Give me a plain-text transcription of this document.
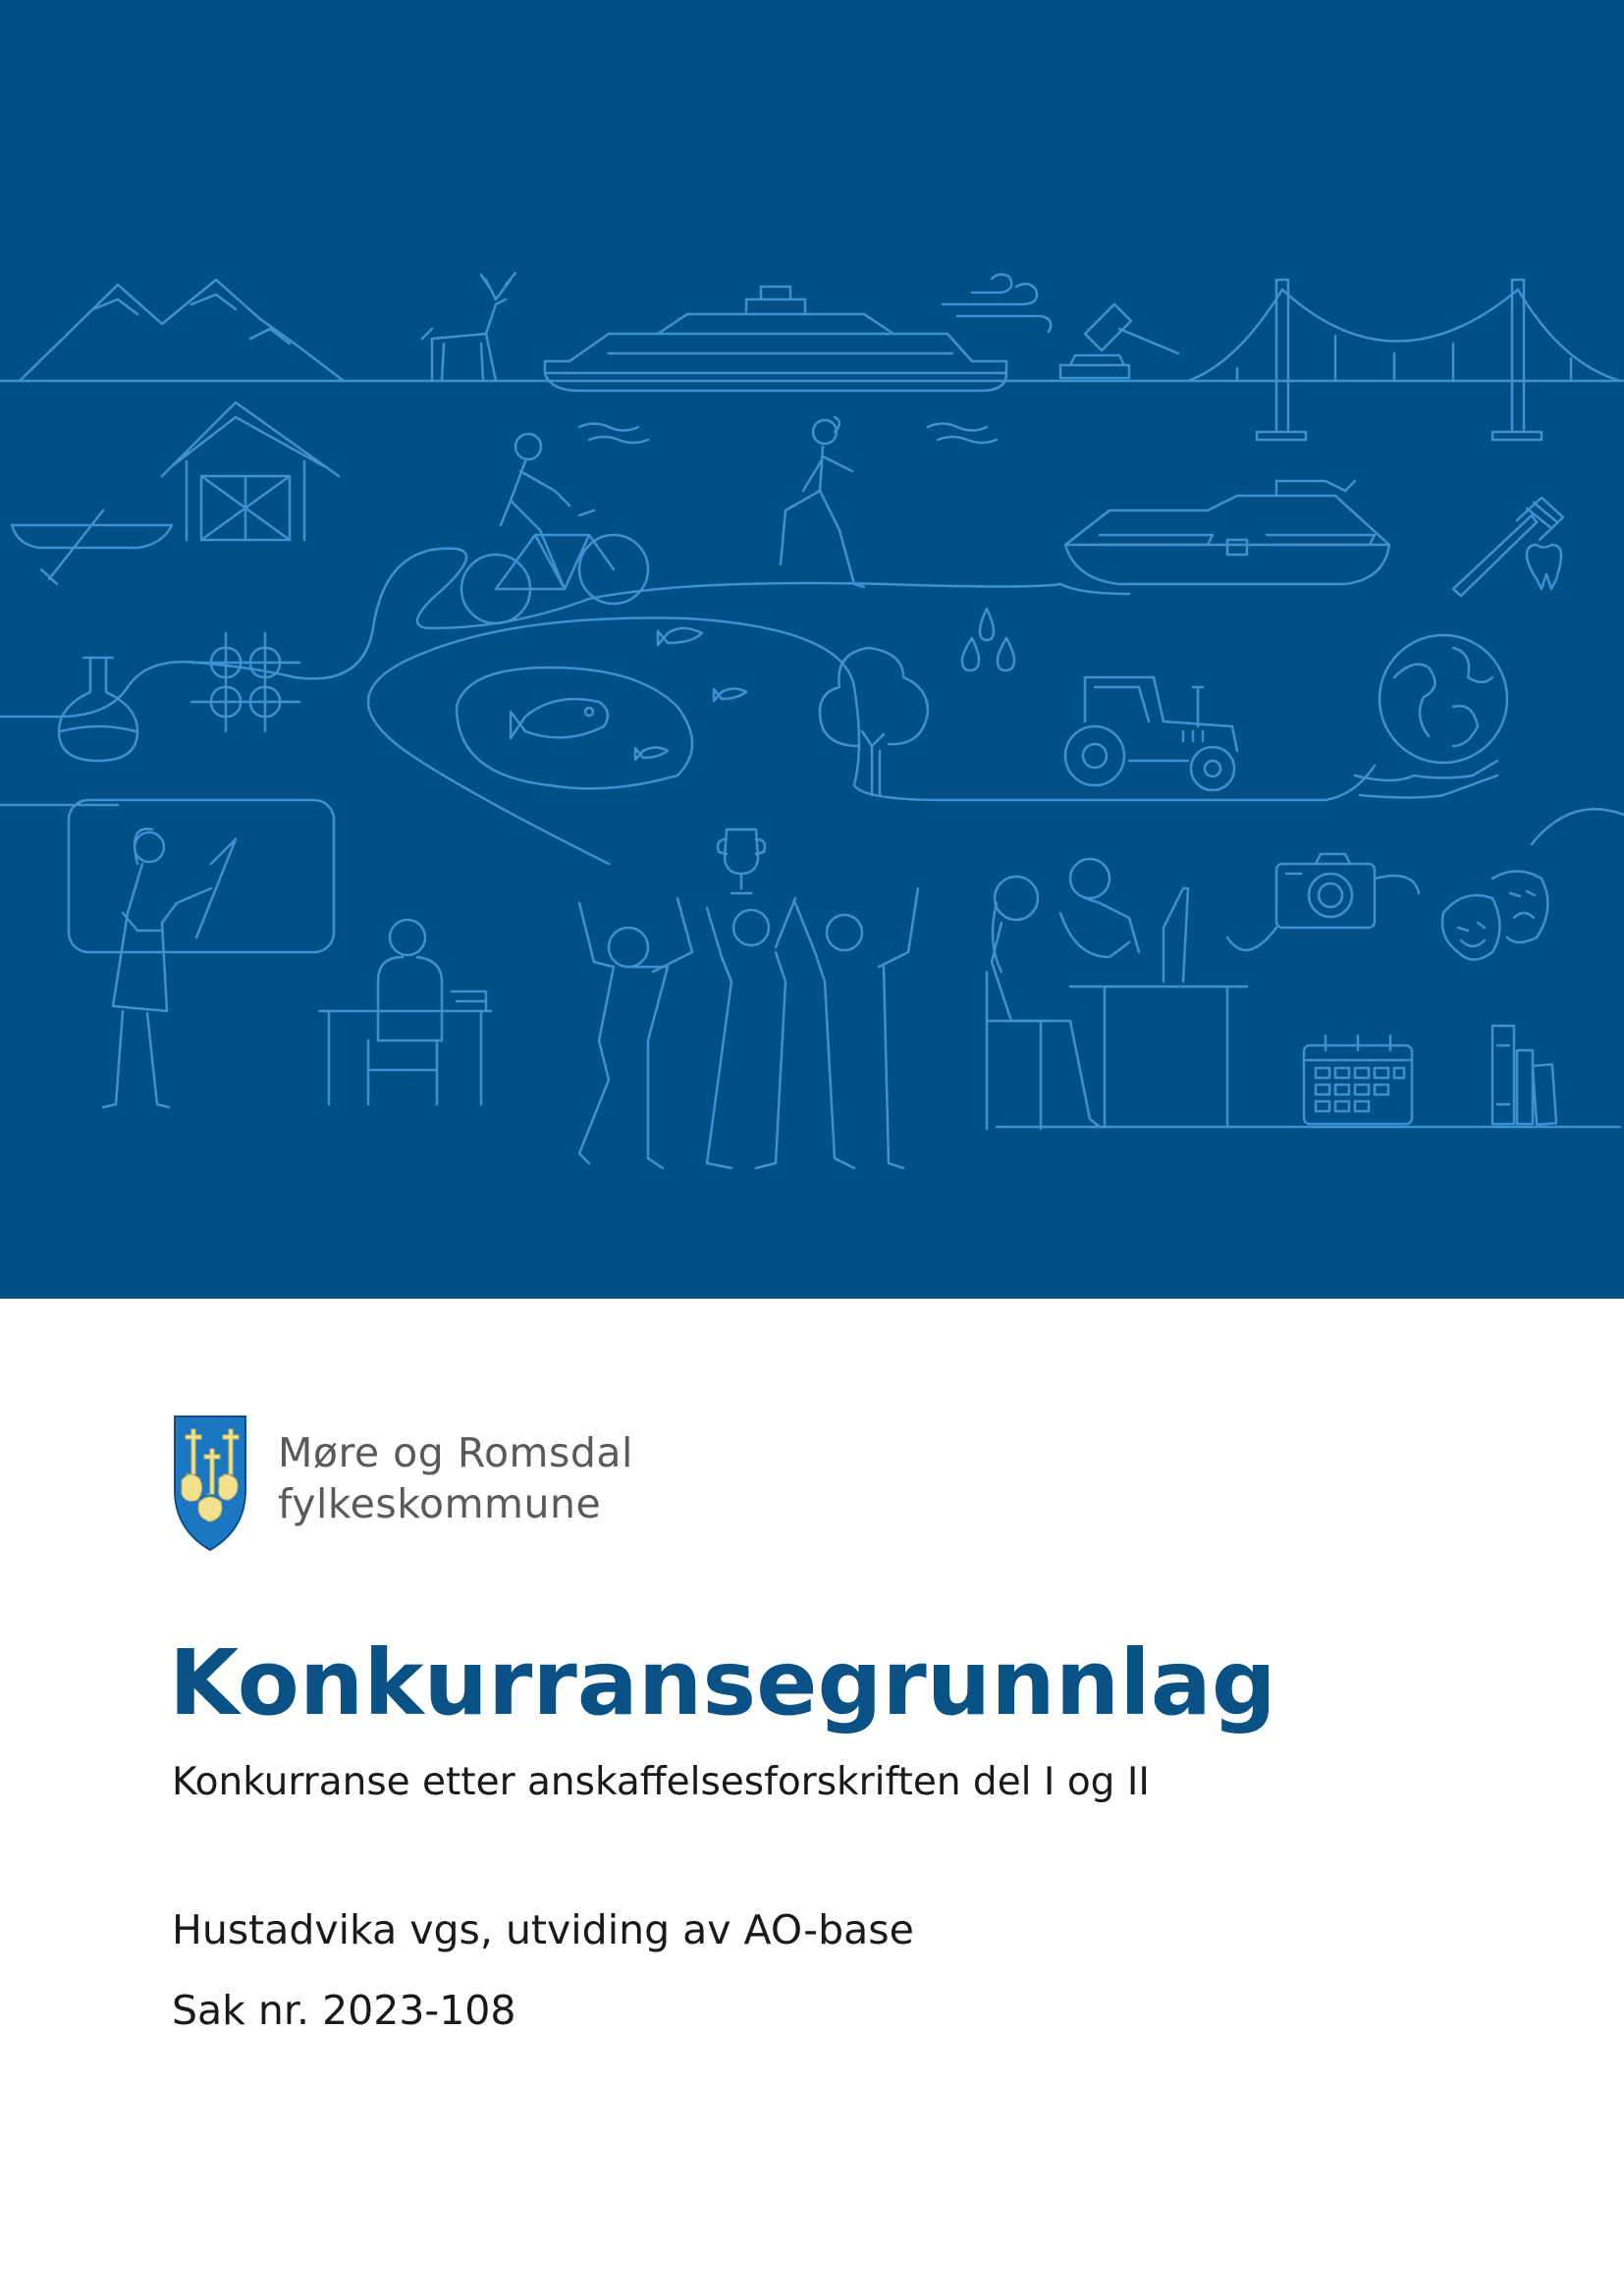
Møre og Romsdal
fylkeskommune
Konkurransegrunnlag
Konkurranse etter anskaffelsesforskriften del I og II
Hustadvika vgs, utviding av AO-base
Sak nr. 2023-108
